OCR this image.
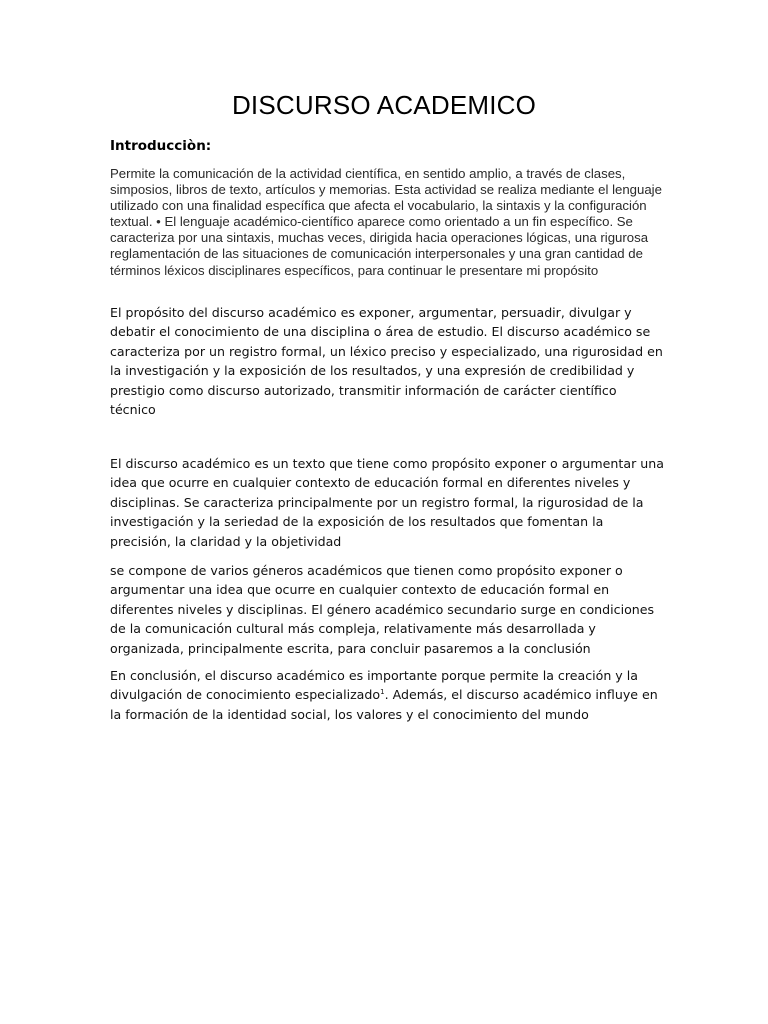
DISCURSO ACADEMICO
Introducciòn:

Permite la comunicación de la actividad científica, en sentido amplio, a través de clases, simposios, libros de texto, artículos y memorias. Esta actividad se realiza mediante el lenguaje utilizado con una finalidad específica que afecta el vocabulario, la sintaxis y la configuración textual. • El lenguaje académico-científico aparece como orientado a un fin específico. Se caracteriza por una sintaxis, muchas veces, dirigida hacia operaciones lógicas, una rigurosa reglamentación de las situaciones de comunicación interpersonales y una gran cantidad de términos léxicos disciplinares específicos, para continuar le presentare mi propósito

El propósito del discurso académico es exponer, argumentar, persuadir, divulgar y debatir el conocimiento de una disciplina o área de estudio. El discurso académico se caracteriza por un registro formal, un léxico preciso y especializado, una rigurosidad en la investigación y la exposición de los resultados, y una expresión de credibilidad y prestigio como discurso autorizado, transmitir información de carácter científico técnico

El discurso académico es un texto que tiene como propósito exponer o argumentar una idea que ocurre en cualquier contexto de educación formal en diferentes niveles y disciplinas. Se caracteriza principalmente por un registro formal, la rigurosidad de la investigación y la seriedad de la exposición de los resultados que fomentan la precisión, la claridad y la objetividad

se compone de varios géneros académicos que tienen como propósito exponer o argumentar una idea que ocurre en cualquier contexto de educación formal en diferentes niveles y disciplinas. El género académico secundario surge en condiciones de la comunicación cultural más compleja, relativamente más desarrollada y organizada, principalmente escrita, para concluir pasaremos a la conclusión

En conclusión, el discurso académico es importante porque permite la creación y la divulgación de conocimiento especializado$^1$. Además, el discurso académico influye en la formación de la identidad social, los valores y el conocimiento del mundo
